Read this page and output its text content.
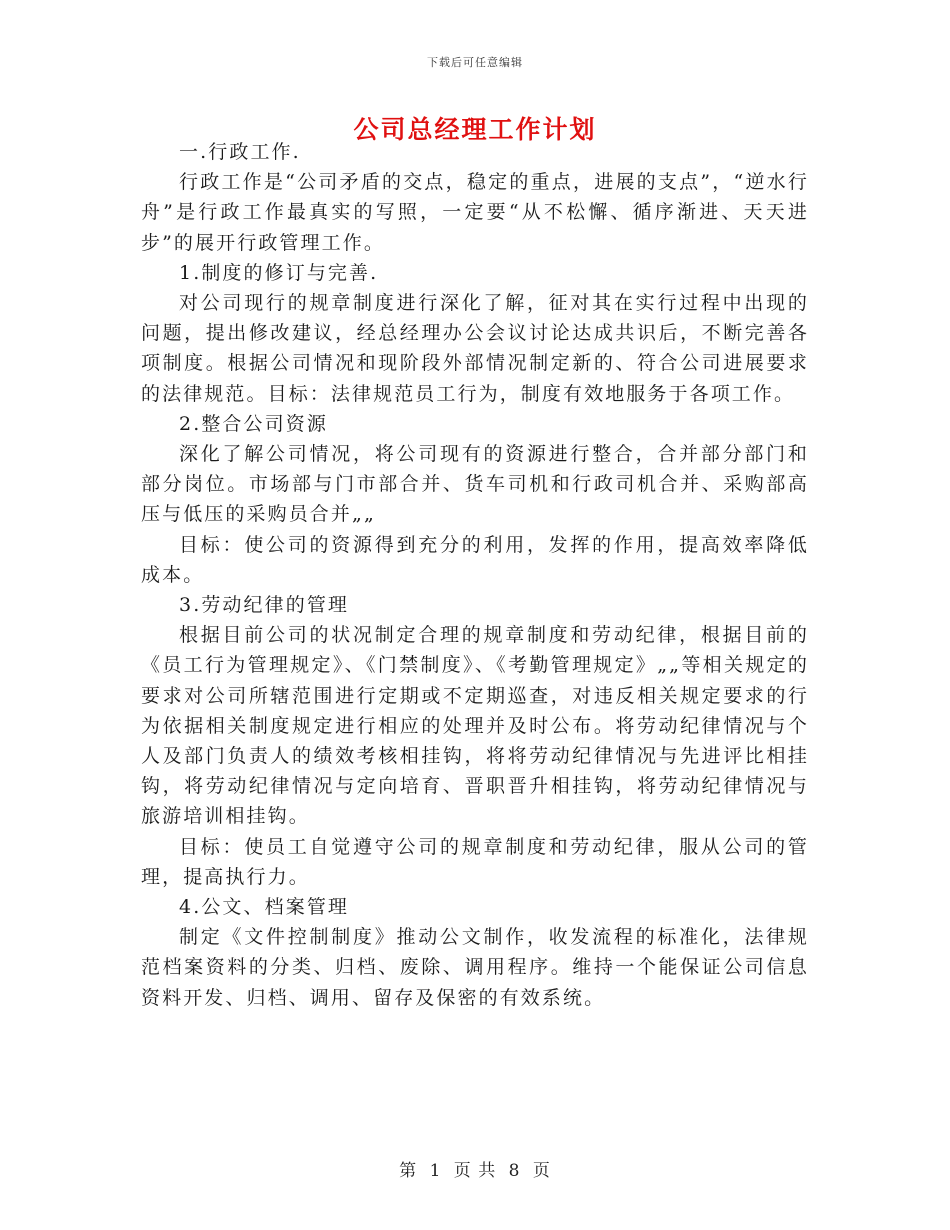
下载后可任意编辑
公司总经理工作计划

一.行政工作.

行政工作是“公司矛盾的交点，稳定的重点，进展的支点”，“逆水行舟”是行政工作最真实的写照，一定要“从不松懈、循序渐进、天天进步”的展开行政管理工作。

1.制度的修订与完善.

对公司现行的规章制度进行深化了解，征对其在实行过程中出现的问题，提出修改建议，经总经理办公会议讨论达成共识后，不断完善各项制度。根据公司情况和现阶段外部情况制定新的、符合公司进展要求的法律规范。目标：法律规范员工行为，制度有效地服务于各项工作。

2.整合公司资源

深化了解公司情况，将公司现有的资源进行整合，合并部分部门和部分岗位。市场部与门市部合并、货车司机和行政司机合并、采购部高压与低压的采购员合并„„

目标：使公司的资源得到充分的利用，发挥的作用，提高效率降低成本。

3.劳动纪律的管理

根据目前公司的状况制定合理的规章制度和劳动纪律，根据目前的《员工行为管理规定》、《门禁制度》、《考勤管理规定》„„等相关规定的要求对公司所辖范围进行定期或不定期巡查，对违反相关规定要求的行为依据相关制度规定进行相应的处理并及时公布。将劳动纪律情况与个人及部门负责人的绩效考核相挂钩，将将劳动纪律情况与先进评比相挂钩，将劳动纪律情况与定向培育、晋职晋升相挂钩，将劳动纪律情况与旅游培训相挂钩。

目标：使员工自觉遵守公司的规章制度和劳动纪律，服从公司的管理，提高执行力。

4.公文、档案管理

制定《文件控制制度》推动公文制作，收发流程的标准化，法律规范档案资料的分类、归档、废除、调用程序。维持一个能保证公司信息资料开发、归档、调用、留存及保密的有效系统。

第 1 页 共 8 页
